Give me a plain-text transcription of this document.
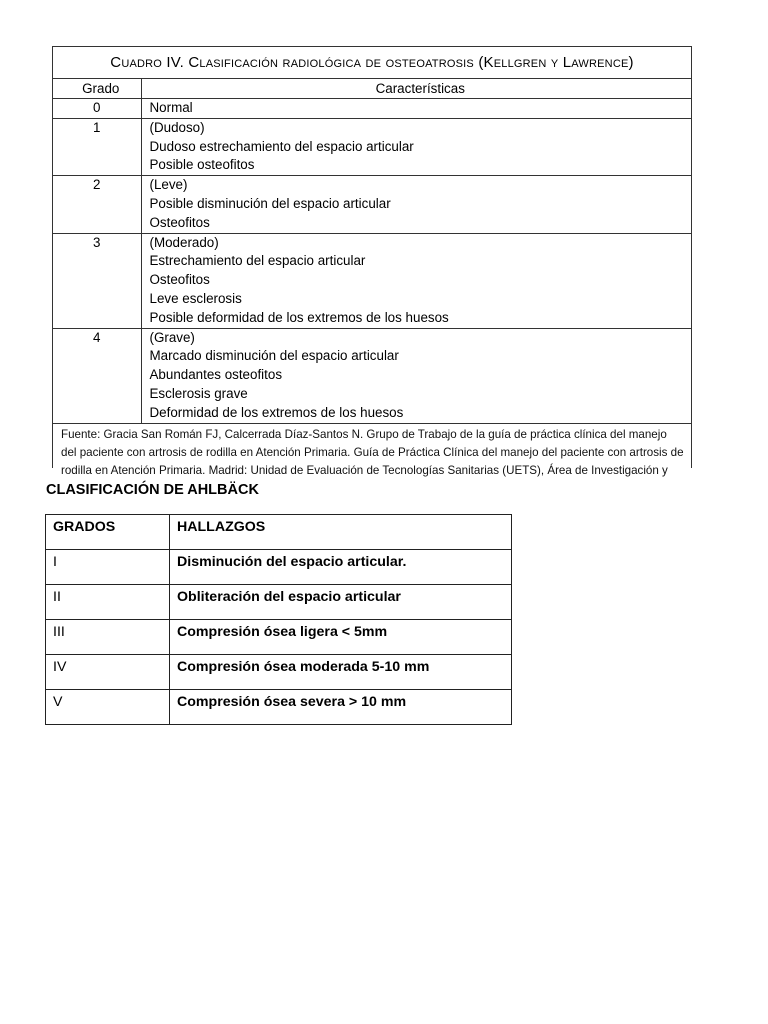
Cuadro IV. Clasificación radiológica de osteoatrosis (Kellgren y Lawrence)
Grado	Características
0	Normal

1	(Dudoso)
Dudoso estrechamiento del espacio articular
Posible osteofitos

2	(Leve)
Posible disminución del espacio articular
Osteofitos

3	(Moderado)
Estrechamiento del espacio articular
Osteofitos
Leve esclerosis
Posible deformidad de los extremos de los huesos

4	(Grave)
Marcado disminución del espacio articular
Abundantes osteofitos
Esclerosis grave
Deformidad de los extremos de los huesos
Fuente: Gracia San Román FJ, Calcerrada Díaz-Santos N. Grupo de Trabajo de la guía de práctica clínica del manejo del paciente con artrosis de rodilla en Atención Primaria. Guía de Práctica Clínica del manejo del paciente con artrosis de rodilla en Atención Primaria. Madrid: Unidad de Evaluación de Tecnologías Sanitarias (UETS), Área de Investigación y
CLASIFICACIÓN DE AHLBÄCK
GRADOS	HALLAZGOS
I	Disminución del espacio articular.
II	Obliteración del espacio articular
III	Compresión ósea ligera < 5mm
IV	Compresión ósea moderada 5-10 mm
V	Compresión ósea severa > 10 mm
